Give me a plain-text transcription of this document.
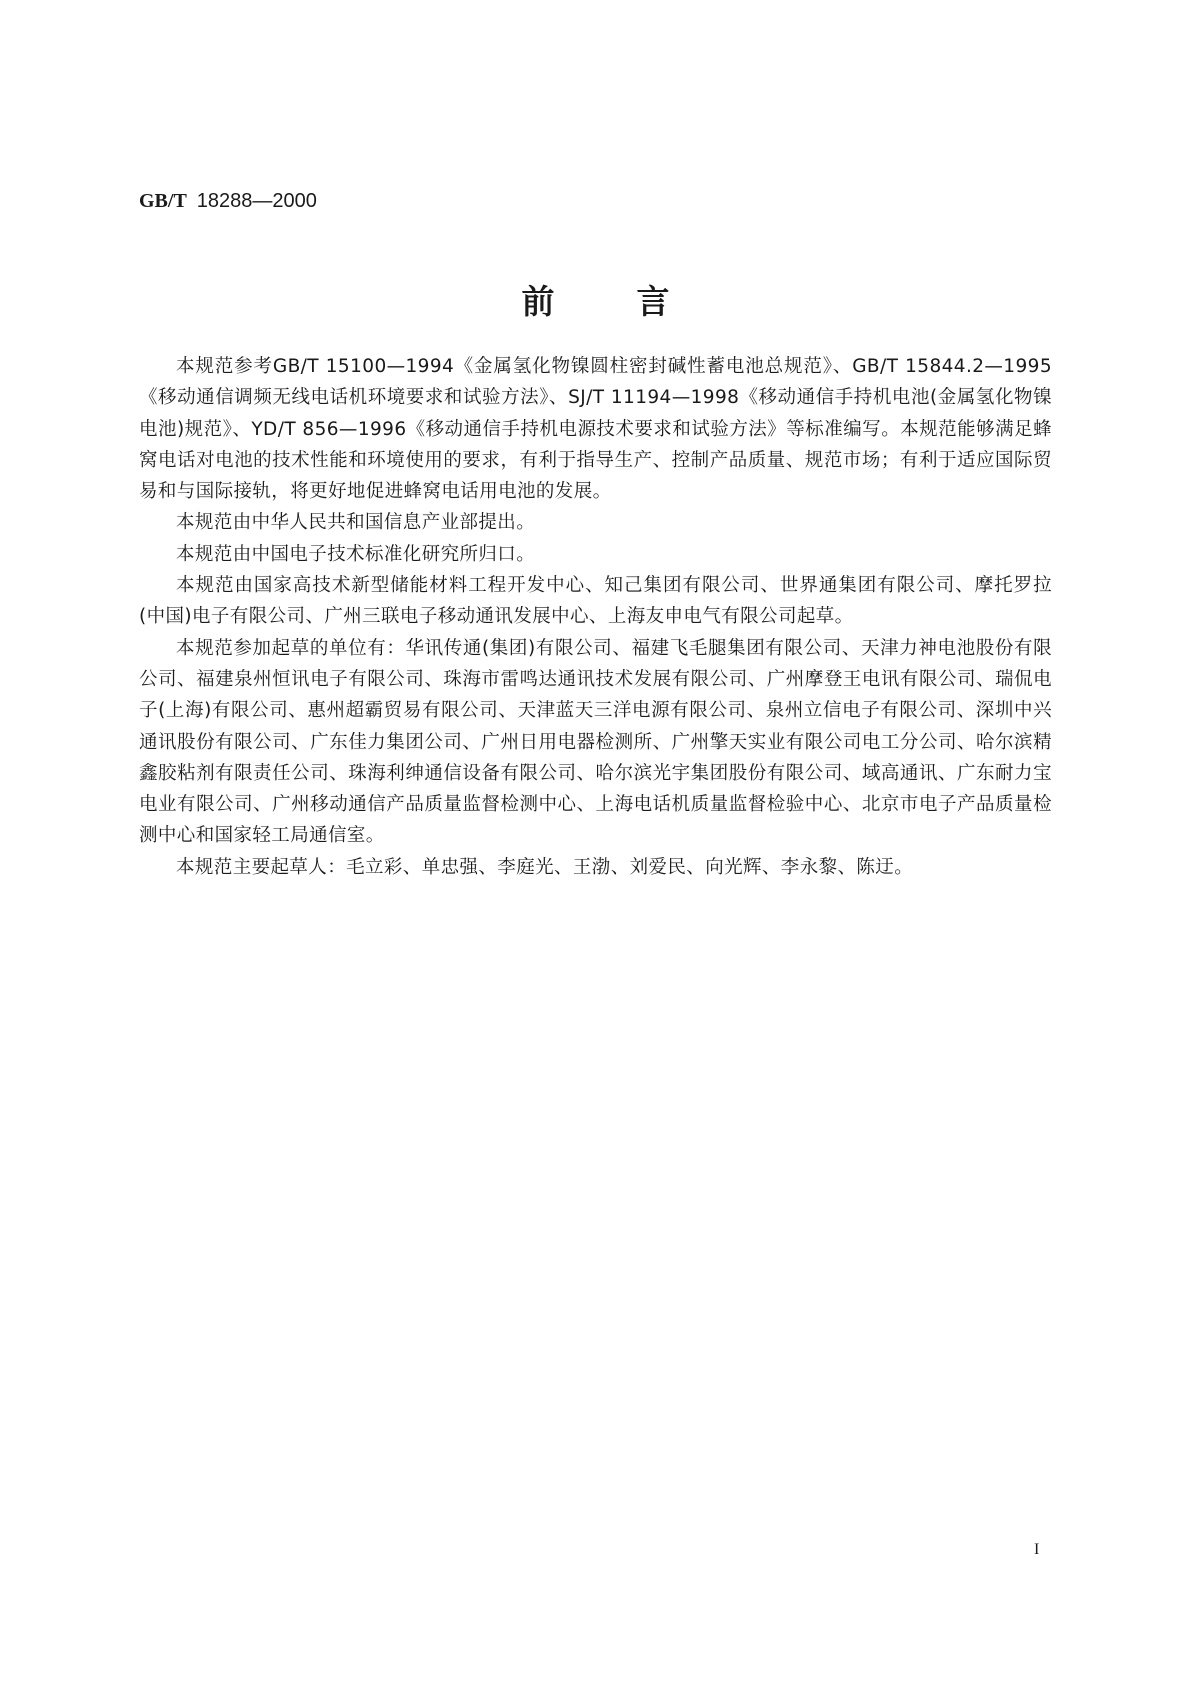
GB/T 18288—2000
前言

本规范参考GB/T 15100—1994《金属氢化物镍圆柱密封碱性蓄电池总规范》、GB/T 15844.2—1995《移动通信调频无线电话机环境要求和试验方法》、SJ/T 11194—1998《移动通信手持机电池(金属氢化物镍电池)规范》、YD/T 856—1996《移动通信手持机电源技术要求和试验方法》等标准编写。本规范能够满足蜂窝电话对电池的技术性能和环境使用的要求，有利于指导生产、控制产品质量、规范市场；有利于适应国际贸易和与国际接轨，将更好地促进蜂窝电话用电池的发展。

本规范由中华人民共和国信息产业部提出。

本规范由中国电子技术标准化研究所归口。

本规范由国家高技术新型储能材料工程开发中心、知己集团有限公司、世界通集团有限公司、摩托罗拉(中国)电子有限公司、广州三联电子移动通讯发展中心、上海友申电气有限公司起草。

本规范参加起草的单位有：华讯传通(集团)有限公司、福建飞毛腿集团有限公司、天津力神电池股份有限公司、福建泉州恒讯电子有限公司、珠海市雷鸣达通讯技术发展有限公司、广州摩登王电讯有限公司、瑞侃电子(上海)有限公司、惠州超霸贸易有限公司、天津蓝天三洋电源有限公司、泉州立信电子有限公司、深圳中兴通讯股份有限公司、广东佳力集团公司、广州日用电器检测所、广州擎天实业有限公司电工分公司、哈尔滨精鑫胶粘剂有限责任公司、珠海利绅通信设备有限公司、哈尔滨光宇集团股份有限公司、域高通讯、广东耐力宝电业有限公司、广州移动通信产品质量监督检测中心、上海电话机质量监督检验中心、北京市电子产品质量检测中心和国家轻工局通信室。

本规范主要起草人：毛立彩、单忠强、李庭光、王渤、刘爱民、向光辉、李永黎、陈迂。

I
